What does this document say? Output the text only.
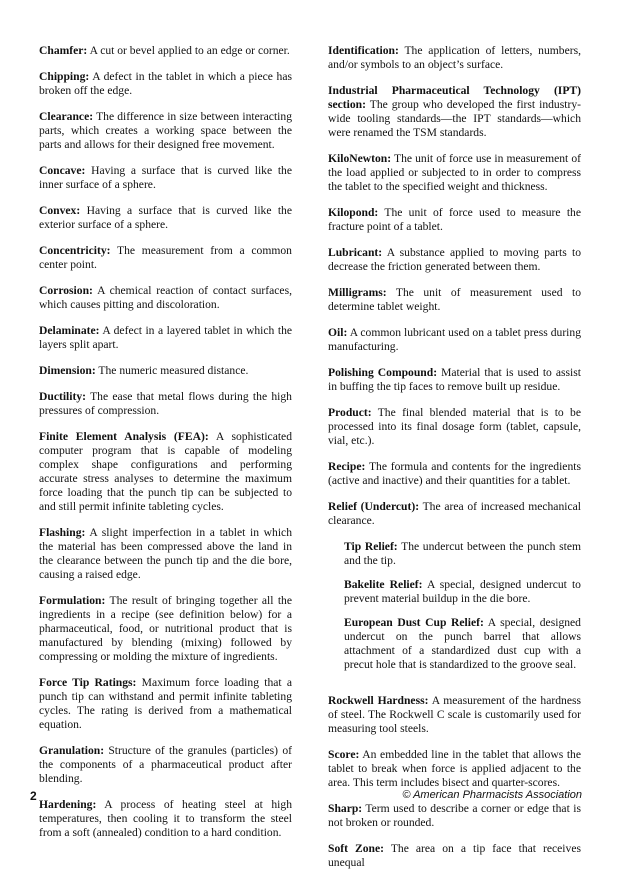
Chamfer: A cut or bevel applied to an edge or corner.

Chipping: A defect in the tablet in which a piece has broken off the edge.

Clearance: The difference in size between interacting parts, which creates a working space between the parts and allows for their designed free movement.

Concave: Having a surface that is curved like the inner surface of a sphere.

Convex: Having a surface that is curved like the exterior surface of a sphere.

Concentricity: The measurement from a common center point.

Corrosion: A chemical reaction of contact surfaces, which causes pitting and discoloration.

Delaminate: A defect in a layered tablet in which the layers split apart.

Dimension: The numeric measured distance.

Ductility: The ease that metal flows during the high pressures of compression.

Finite Element Analysis (FEA): A sophisticated computer program that is capable of modeling complex shape configurations and performing accurate stress analyses to determine the maximum force loading that the punch tip can be subjected to and still permit infinite tableting cycles.

Flashing: A slight imperfection in a tablet in which the material has been compressed above the land in the clearance between the punch tip and the die bore, causing a raised edge.

Formulation: The result of bringing together all the ingredients in a recipe (see definition below) for a pharmaceutical, food, or nutritional product that is manufactured by blending (mixing) followed by compressing or molding the mixture of ingredients.

Force Tip Ratings: Maximum force loading that a punch tip can withstand and permit infinite tableting cycles. The rating is derived from a mathematical equation.

Granulation: Structure of the granules (particles) of the components of a pharmaceutical product after blending.

Hardening: A process of heating steel at high temperatures, then cooling it to transform the steel from a soft (annealed) condition to a hard condition.

Identification: The application of letters, numbers, and/or symbols to an object’s surface.

Industrial Pharmaceutical Technology (IPT) section: The group who developed the first industry-wide tooling standards—the IPT standards—which were renamed the TSM standards.

KiloNewton: The unit of force use in measurement of the load applied or subjected to in order to compress the tablet to the specified weight and thickness.

Kilopond: The unit of force used to measure the fracture point of a tablet.

Lubricant: A substance applied to moving parts to decrease the friction generated between them.

Milligrams: The unit of measurement used to determine tablet weight.

Oil: A common lubricant used on a tablet press during manufacturing.

Polishing Compound: Material that is used to assist in buffing the tip faces to remove built up residue.

Product: The final blended material that is to be processed into its final dosage form (tablet, capsule, vial, etc.).

Recipe: The formula and contents for the ingredients (active and inactive) and their quantities for a tablet.

Relief (Undercut): The area of increased mechanical clearance.

Tip Relief: The undercut between the punch stem and the tip.

Bakelite Relief: A special, designed undercut to prevent material buildup in the die bore.

European Dust Cup Relief: A special, designed undercut on the punch barrel that allows attachment of a standardized dust cup with a precut hole that is standardized to the groove seal.

Rockwell Hardness: A measurement of the hardness of steel. The Rockwell C scale is customarily used for measuring tool steels.

Score: An embedded line in the tablet that allows the tablet to break when force is applied adjacent to the area. This term includes bisect and quarter-scores.

Sharp: Term used to describe a corner or edge that is not broken or rounded.

Soft Zone: The area on a tip face that receives unequal

2	© American Pharmacists Association
